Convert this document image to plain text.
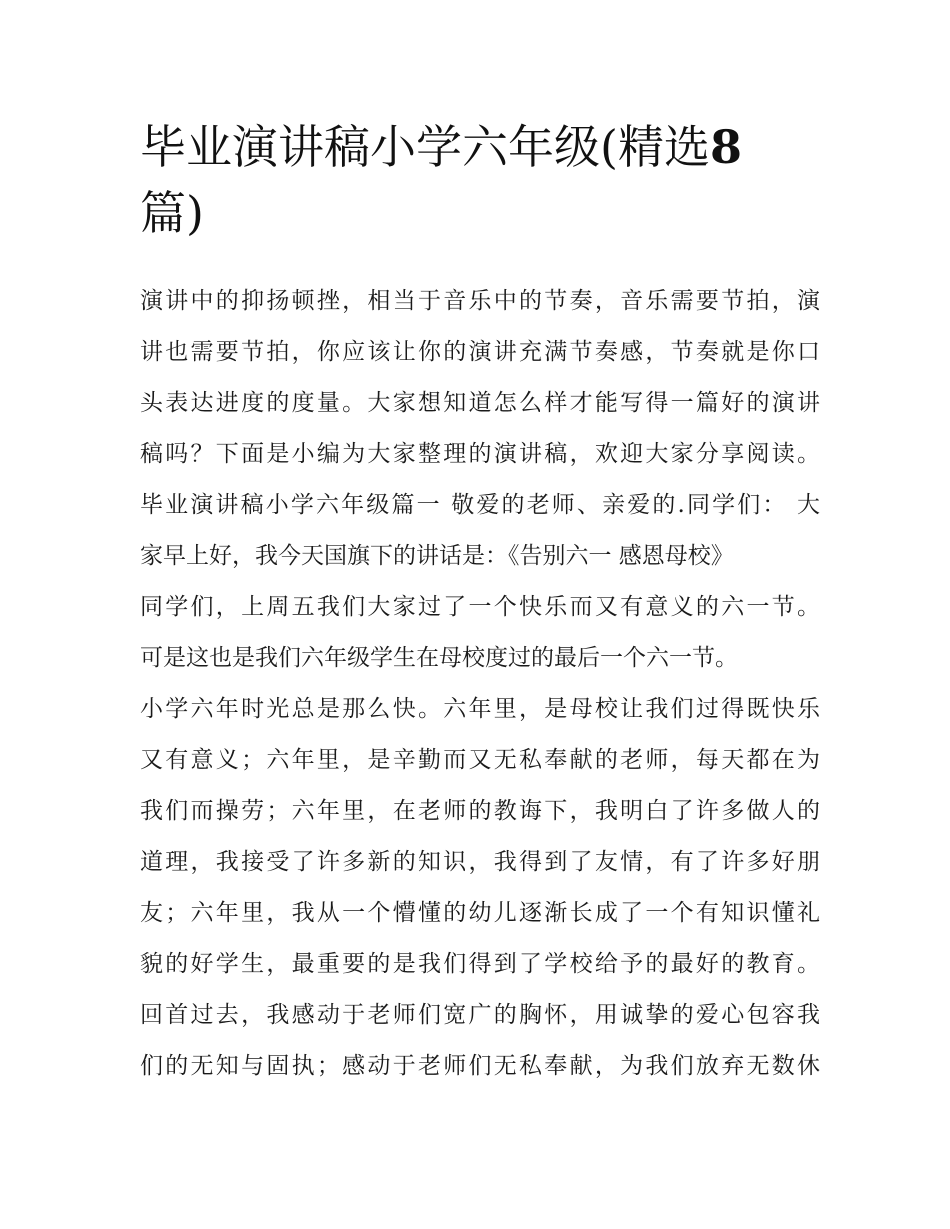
毕业演讲稿小学六年级(精选8
篇)
演讲中的抑扬顿挫，相当于音乐中的节奏，音乐需要节拍，演
讲也需要节拍，你应该让你的演讲充满节奏感，节奏就是你口
头表达进度的度量。大家想知道怎么样才能写得一篇好的演讲
稿吗？下面是小编为大家整理的演讲稿，欢迎大家分享阅读。
毕业演讲稿小学六年级篇一 敬爱的老师、亲爱的.同学们： 大
家早上好，我今天国旗下的讲话是：《告别六一 感恩母校》
同学们，上周五我们大家过了一个快乐而又有意义的六一节。
可是这也是我们六年级学生在母校度过的最后一个六一节。
小学六年时光总是那么快。六年里，是母校让我们过得既快乐
又有意义；六年里，是辛勤而又无私奉献的老师，每天都在为
我们而操劳；六年里，在老师的教诲下，我明白了许多做人的
道理，我接受了许多新的知识，我得到了友情，有了许多好朋
友；六年里，我从一个懵懂的幼儿逐渐长成了一个有知识懂礼
貌的好学生，最重要的是我们得到了学校给予的最好的教育。
回首过去，我感动于老师们宽广的胸怀，用诚挚的爱心包容我
们的无知与固执；感动于老师们无私奉献，为我们放弃无数休
